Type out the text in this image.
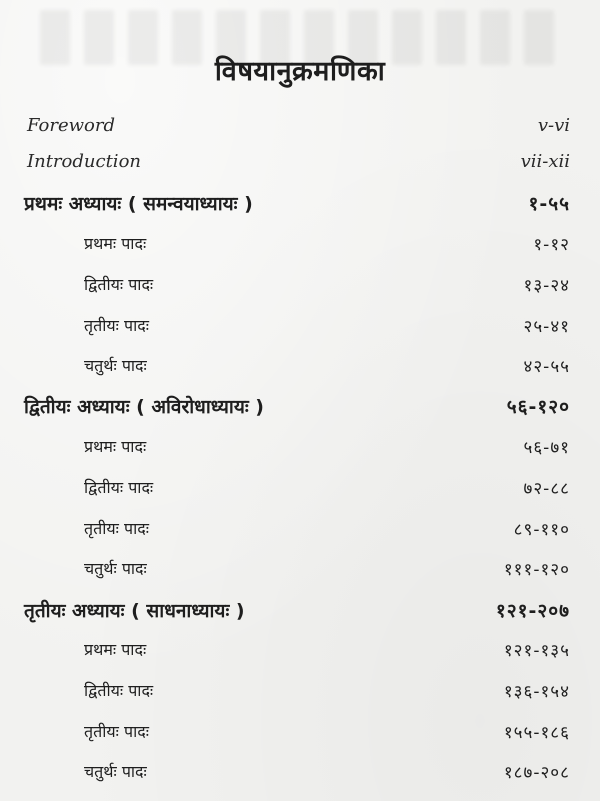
विषयानुक्रमणिका
Foreword	v-vi
Introduction	vii-xii
प्रथमः अध्यायः ( समन्वयाध्यायः )	१-५५
प्रथमः पादः	१-१२
द्वितीयः पादः	१३-२४
तृतीयः पादः	२५-४१
चतुर्थः पादः	४२-५५
द्वितीयः अध्यायः ( अविरोधाध्यायः )	५६-१२०
प्रथमः पादः	५६-७१
द्वितीयः पादः	७२-८८
तृतीयः पादः	८९-११०
चतुर्थः पादः	१११-१२०
तृतीयः अध्यायः ( साधनाध्यायः )	१२१-२०७
प्रथमः पादः	१२१-१३५
द्वितीयः पादः	१३६-१५४
तृतीयः पादः	१५५-१८६
चतुर्थः पादः	१८७-२०८
